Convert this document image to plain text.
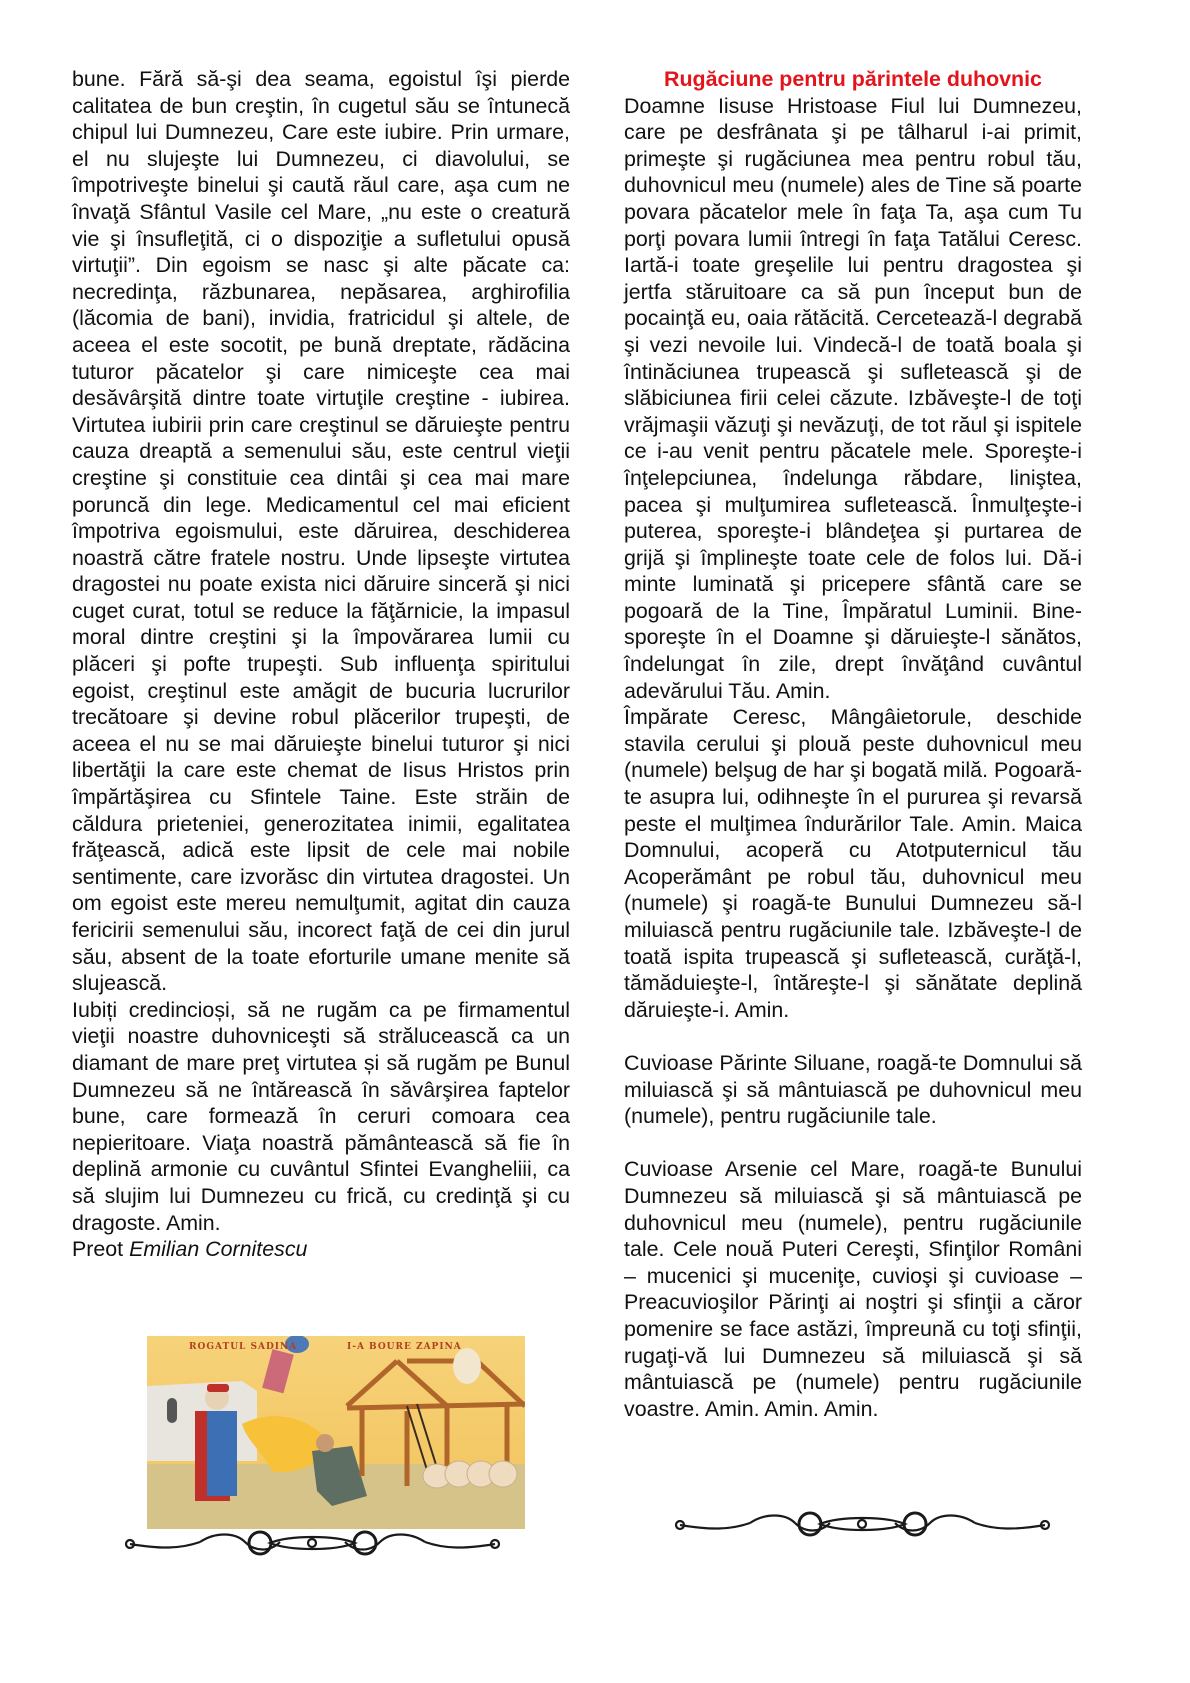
bune. Fără să-şi dea seama, egoistul îşi pierde calitatea de bun creştin, în cugetul său se întunecă chipul lui Dumnezeu, Care este iubire. Prin urmare, el nu slujeşte lui Dumnezeu, ci diavolului, se împotriveşte binelui şi caută răul care, aşa cum ne învaţă Sfântul Vasile cel Mare, „nu este o creatură vie şi însufleţită, ci o dispoziţie a sufletului opusă virtuţii”. Din egoism se nasc şi alte păcate ca: necredinţa, răzbunarea, nepăsarea, arghirofilia (lăcomia de bani), invidia, fratricidul şi altele, de aceea el este socotit, pe bună dreptate, rădăcina tuturor păcatelor şi care nimiceşte cea mai desăvârşită dintre toate virtuţile creştine - iubirea. Virtutea iubirii prin care creştinul se dăruieşte pentru cauza dreaptă a semenului său, este centrul vieţii creştine şi constituie cea dintâi şi cea mai mare poruncă din lege. Medicamentul cel mai eficient împotriva egoismului, este dăruirea, deschiderea noastră către fratele nostru. Unde lipseşte virtutea dragostei nu poate exista nici dăruire sinceră şi nici cuget curat, totul se reduce la făţărnicie, la impasul moral dintre creştini şi la împovărarea lumii cu plăceri şi pofte trupeşti. Sub influenţa spiritului egoist, creştinul este amăgit de bucuria lucrurilor trecătoare şi devine robul plăcerilor trupeşti, de aceea el nu se mai dăruieşte binelui tuturor şi nici libertăţii la care este chemat de Iisus Hristos prin împărtăşirea cu Sfintele Taine. Este străin de căldura prieteniei, generozitatea inimii, egalitatea frăţească, adică este lipsit de cele mai nobile sentimente, care izvorăsc din virtutea dragostei. Un om egoist este mereu nemulţumit, agitat din cauza fericirii semenului său, incorect faţă de cei din jurul său, absent de la toate eforturile umane menite să slujească.

Iubiți credincioși, să ne rugăm ca pe firmamentul vieţii noastre duhovniceşti să strălucească ca un diamant de mare preţ virtutea și să rugăm pe Bunul Dumnezeu să ne întărească în săvârşirea faptelor bune, care formează în ceruri comoara cea nepieritoare. Viaţa noastră pământească să fie în deplină armonie cu cuvântul Sfintei Evangheliii, ca să slujim lui Dumnezeu cu frică, cu credinţă şi cu dragoste. Amin.

Preot Emilian Cornitescu

ROGATUL SADINA	I-A BOURE ZAPINA
Rugăciune pentru părintele duhovnic

Doamne Iisuse Hristoase Fiul lui Dumnezeu, care pe desfrânata şi pe tâlharul i-ai primit, primeşte şi rugăciunea mea pentru robul tău, duhovnicul meu (numele) ales de Tine să poarte povara păcatelor mele în faţa Ta, aşa cum Tu porţi povara lumii întregi în faţa Tatălui Ceresc. Iartă-i toate greşelile lui pentru dragostea şi jertfa stăruitoare ca să pun început bun de pocainţă eu, oaia rătăcită. Cercetează-l degrabă şi vezi nevoile lui. Vindecă-l de toată boala şi întinăciunea trupească şi sufletească şi de slăbiciunea firii celei căzute. Izbăveşte-l de toţi vrăjmaşii văzuţi şi nevăzuţi, de tot răul şi ispitele ce i-au venit pentru păcatele mele. Sporeşte-i înţelepciunea, îndelunga răbdare, liniştea, pacea şi mulţumirea sufletească. Înmulţeşte-i puterea, sporeşte-i blândeţea şi purtarea de grijă şi împlineşte toate cele de folos lui. Dă-i minte luminată şi pricepere sfântă care se pogoară de la Tine, Împăratul Luminii. Bine-sporeşte în el Doamne şi dăruieşte-l sănătos, îndelungat în zile, drept învăţând cuvântul adevărului Tău. Amin.

Împărate Ceresc, Mângâietorule, deschide stavila cerului şi plouă peste duhovnicul meu (numele) belşug de har şi bogată milă. Pogoară-te asupra lui, odihneşte în el pururea şi revarsă peste el mulţimea îndurărilor Tale. Amin. Maica Domnului, acoperă cu Atotputernicul tău Acoperământ pe robul tău, duhovnicul meu (numele) şi roagă-te Bunului Dumnezeu să-l miluiască pentru rugăciunile tale. Izbăveşte-l de toată ispita trupească şi sufletească, curăţă-l, tămăduieşte-l, întăreşte-l şi sănătate deplină dăruieşte-i. Amin.

Cuvioase Părinte Siluane, roagă-te Domnului să miluiască şi să mântuiască pe duhovnicul meu (numele), pentru rugăciunile tale.

Cuvioase Arsenie cel Mare, roagă-te Bunului Dumnezeu să miluiască şi să mântuiască pe duhovnicul meu (numele), pentru rugăciunile tale. Cele nouă Puteri Cereşti, Sfinţilor Români – mucenici şi muceniţe, cuvioşi şi cuvioase – Preacuvioşilor Părinţi ai noştri şi sfinţii a căror pomenire se face astăzi, împreună cu toţi sfinţii, rugaţi-vă lui Dumnezeu să miluiască şi să mântuiască pe (numele) pentru rugăciunile voastre. Amin. Amin. Amin.
